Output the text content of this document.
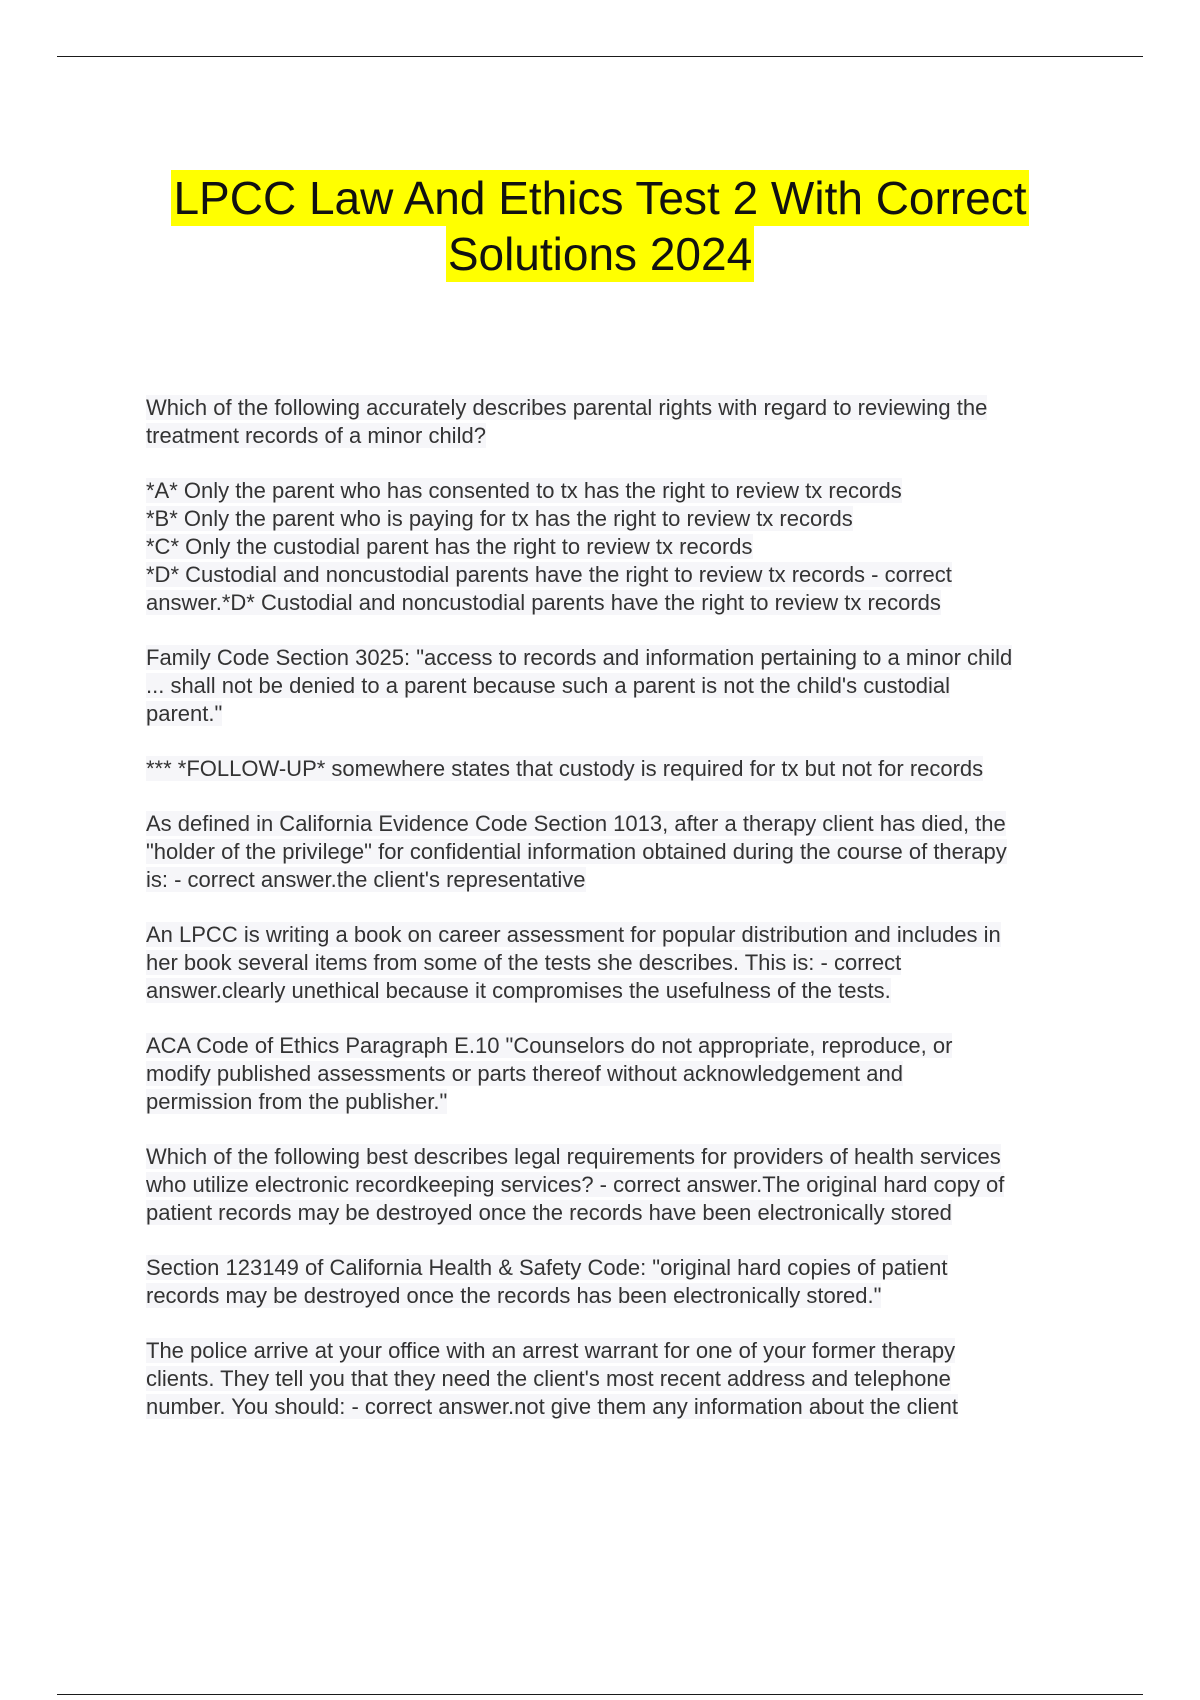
LPCC Law And Ethics Test 2 With Correct
Solutions 2024
Which of the following accurately describes parental rights with regard to reviewing the
treatment records of a minor child?
*A* Only the parent who has consented to tx has the right to review tx records
*B* Only the parent who is paying for tx has the right to review tx records
*C* Only the custodial parent has the right to review tx records
*D* Custodial and noncustodial parents have the right to review tx records - correct
answer.*D* Custodial and noncustodial parents have the right to review tx records
Family Code Section 3025: "access to records and information pertaining to a minor child
... shall not be denied to a parent because such a parent is not the child's custodial
parent."
*** *FOLLOW-UP* somewhere states that custody is required for tx but not for records
As defined in California Evidence Code Section 1013, after a therapy client has died, the
"holder of the privilege" for confidential information obtained during the course of therapy
is: - correct answer.the client's representative
An LPCC is writing a book on career assessment for popular distribution and includes in
her book several items from some of the tests she describes. This is: - correct
answer.clearly unethical because it compromises the usefulness of the tests.
ACA Code of Ethics Paragraph E.10 "Counselors do not appropriate, reproduce, or
modify published assessments or parts thereof without acknowledgement and
permission from the publisher."
Which of the following best describes legal requirements for providers of health services
who utilize electronic recordkeeping services? - correct answer.The original hard copy of
patient records may be destroyed once the records have been electronically stored
Section 123149 of California Health & Safety Code: "original hard copies of patient
records may be destroyed once the records has been electronically stored."
The police arrive at your office with an arrest warrant for one of your former therapy
clients. They tell you that they need the client's most recent address and telephone
number. You should: - correct answer.not give them any information about the client
